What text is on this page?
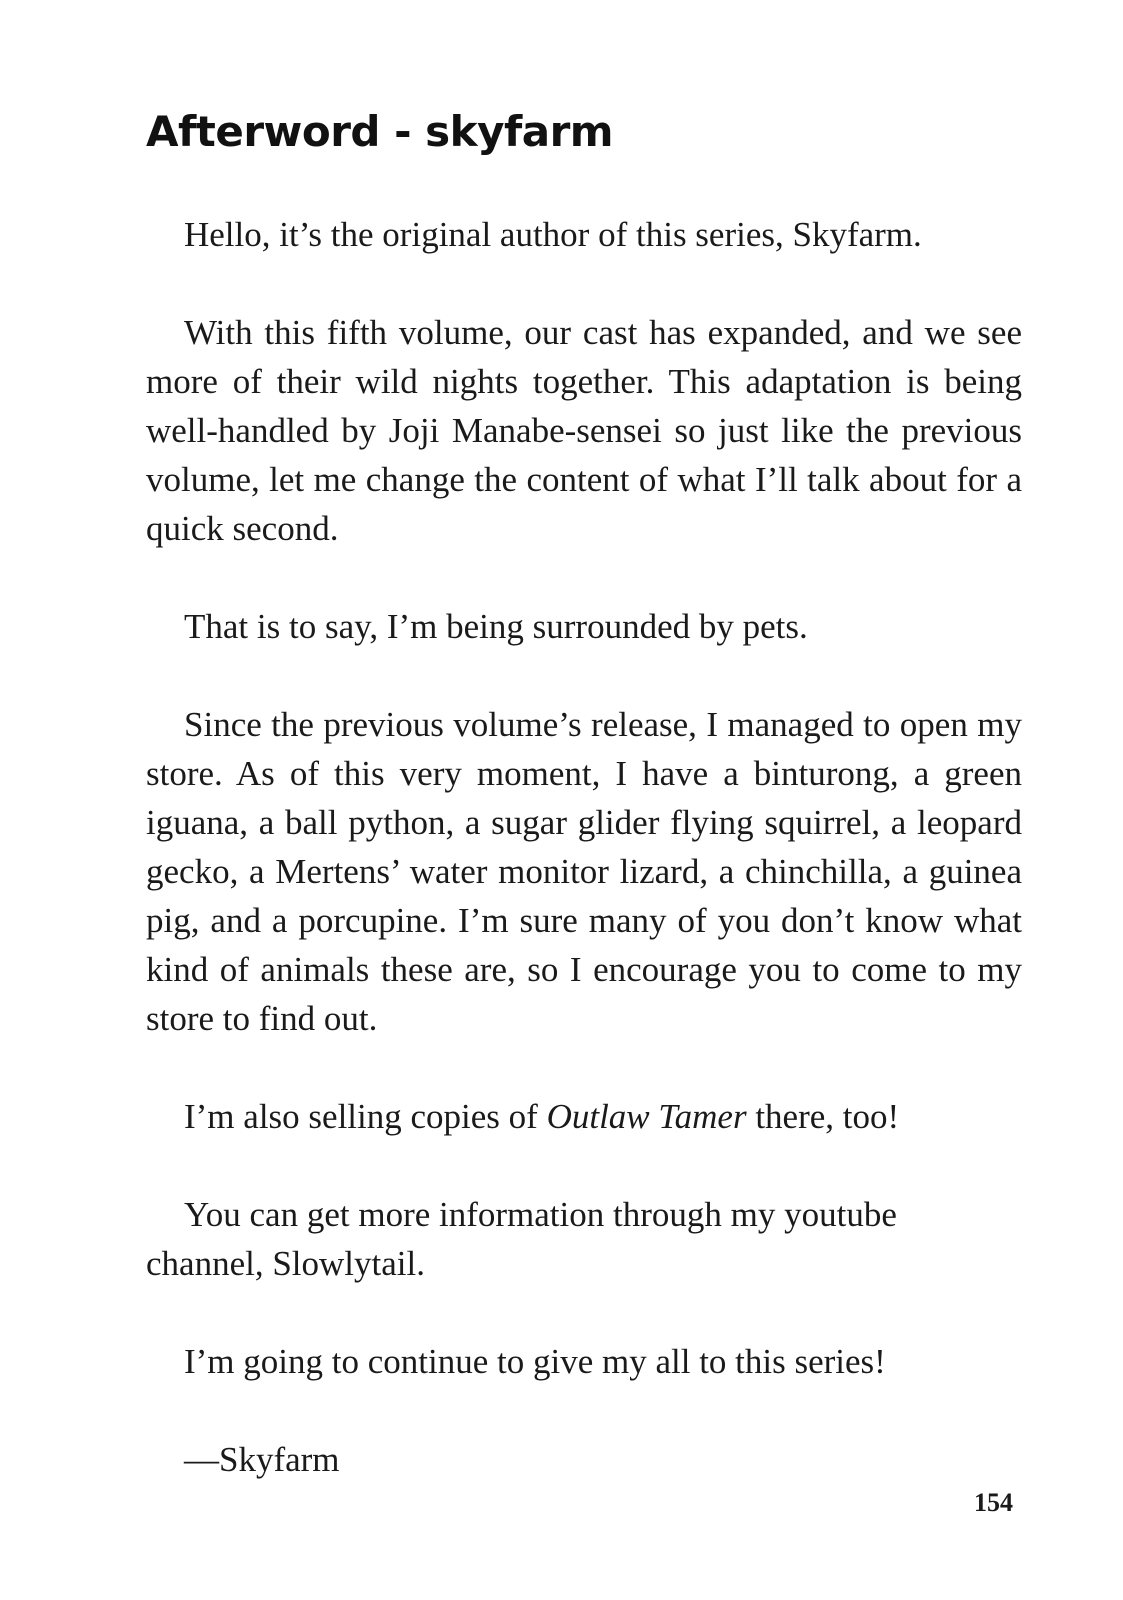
Afterword - skyfarm

Hello, it’s the original author of this series, Skyfarm.

With this fifth volume, our cast has expanded, and we see more of their wild nights together. This adaptation is being well-handled by Joji Manabe-sensei so just like the previous volume, let me change the content of what I’ll talk about for a quick second.

That is to say, I’m being surrounded by pets.

Since the previous volume’s release, I managed to open my store. As of this very moment, I have a binturong, a green iguana, a ball python, a sugar glider flying squirrel, a leopard gecko, a Mertens’ water monitor lizard, a chinchilla, a guinea pig, and a porcupine. I’m sure many of you don’t know what kind of animals these are, so I encourage you to come to my store to find out.

I’m also selling copies of Outlaw Tamer there, too!

You can get more information through my youtube channel, Slowlytail.

I’m going to continue to give my all to this series!

—Skyfarm

154
